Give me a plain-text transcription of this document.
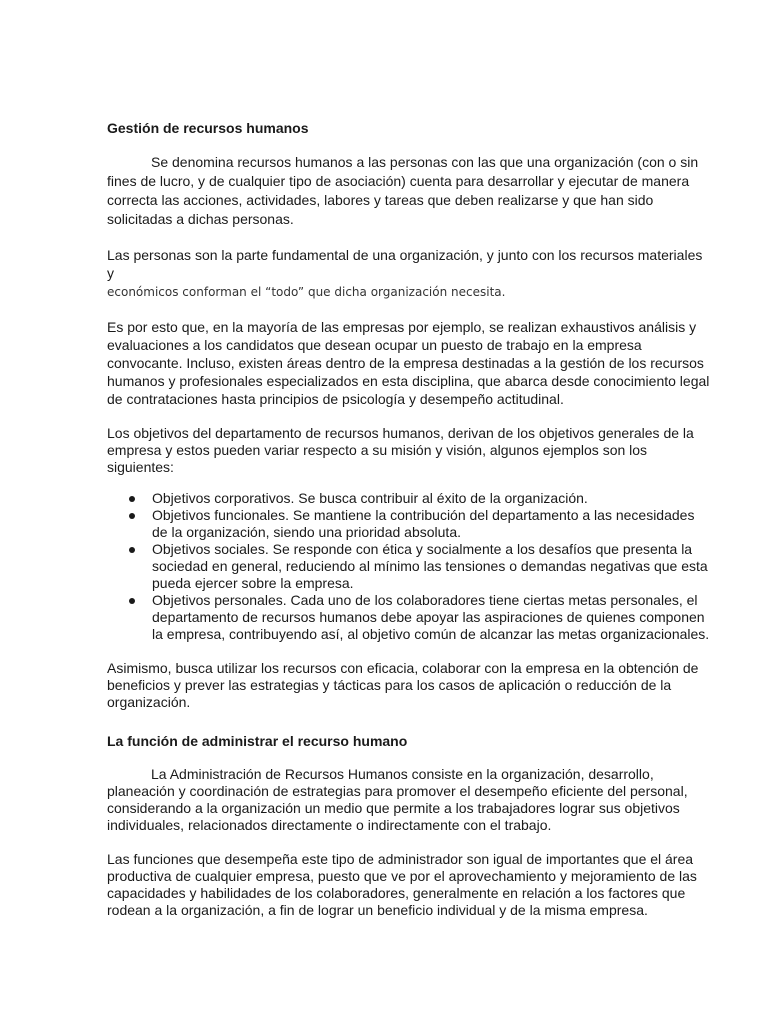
Gestión de recursos humanos

Se denomina recursos humanos a las personas con las que una organización (con o sin fines de lucro, y de cualquier tipo de asociación) cuenta para desarrollar y ejecutar de manera correcta las acciones, actividades, labores y tareas que deben realizarse y que han sido solicitadas a dichas personas.

Las personas son la parte fundamental de una organización, y junto con los recursos materiales y
económicos conforman el “todo” que dicha organización necesita.

Es por esto que, en la mayoría de las empresas por ejemplo, se realizan exhaustivos análisis y evaluaciones a los candidatos que desean ocupar un puesto de trabajo en la empresa convocante. Incluso, existen áreas dentro de la empresa destinadas a la gestión de los recursos humanos y profesionales especializados en esta disciplina, que abarca desde conocimiento legal de contrataciones hasta principios de psicología y desempeño actitudinal.

Los objetivos del departamento de recursos humanos, derivan de los objetivos generales de la empresa y estos pueden variar respecto a su misión y visión, algunos ejemplos son los siguientes:

Objetivos corporativos. Se busca contribuir al éxito de la organización.
Objetivos funcionales. Se mantiene la contribución del departamento a las necesidades de la organización, siendo una prioridad absoluta.
Objetivos sociales. Se responde con ética y socialmente a los desafíos que presenta la sociedad en general, reduciendo al mínimo las tensiones o demandas negativas que esta pueda ejercer sobre la empresa.
Objetivos personales. Cada uno de los colaboradores tiene ciertas metas personales, el departamento de recursos humanos debe apoyar las aspiraciones de quienes componen la empresa, contribuyendo así, al objetivo común de alcanzar las metas organizacionales.

Asimismo, busca utilizar los recursos con eficacia, colaborar con la empresa en la obtención de beneficios y prever las estrategias y tácticas para los casos de aplicación o reducción de la organización.

La función de administrar el recurso humano

La Administración de Recursos Humanos consiste en la organización, desarrollo, planeación y coordinación de estrategias para promover el desempeño eficiente del personal, considerando a la organización un medio que permite a los trabajadores lograr sus objetivos individuales, relacionados directamente o indirectamente con el trabajo.

Las funciones que desempeña este tipo de administrador son igual de importantes que el área productiva de cualquier empresa, puesto que ve por el aprovechamiento y mejoramiento de las capacidades y habilidades de los colaboradores, generalmente en relación a los factores que rodean a la organización, a fin de lograr un beneficio individual y de la misma empresa.
